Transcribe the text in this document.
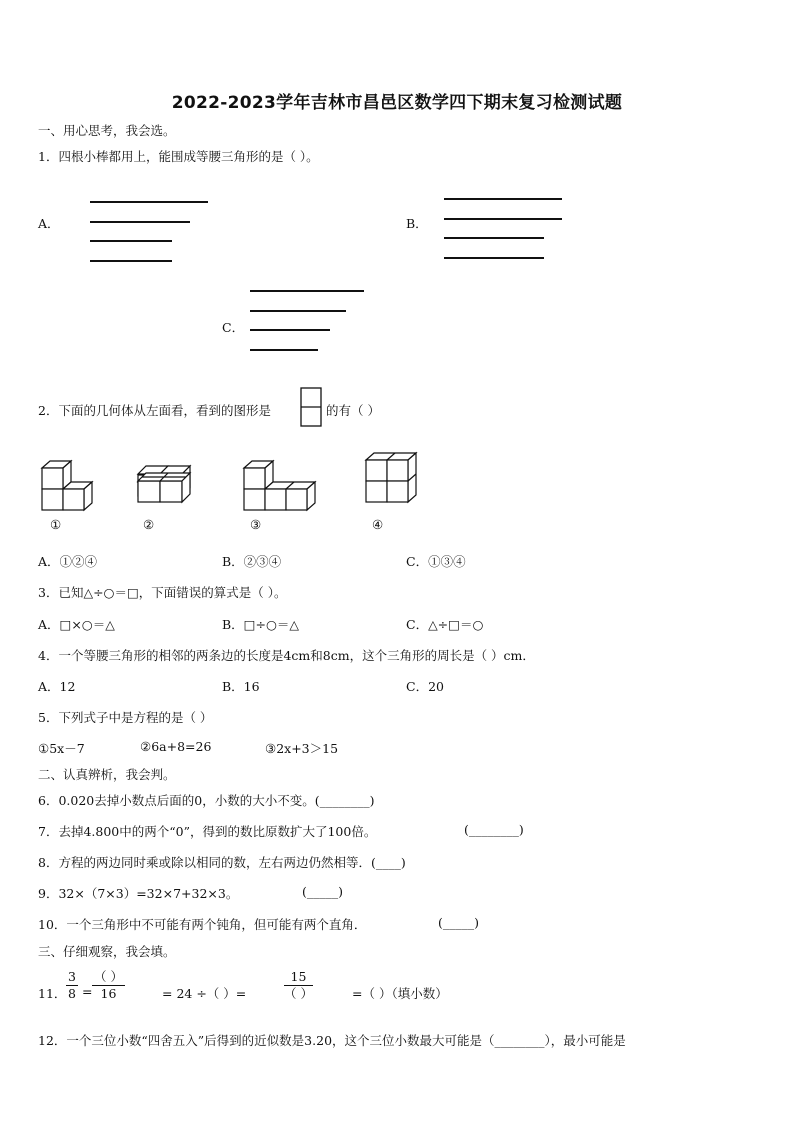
2022-2023学年吉林市昌邑区数学四下期末复习检测试题
一、用心思考，我会选。
1．四根小棒都用上，能围成等腰三角形的是（ ）。
A．	B．
C．
2．下面的几何体从左面看，看到的图形是	的有（ ）
①	②	③	④
A．①②④	B．②③④	C．①③④
3．已知△÷○＝□，下面错误的算式是（ ）。
A．□×○＝△	B．□÷○＝△	C．△÷□＝○
4．一个等腰三角形的相邻的两条边的长度是4cm和8cm，这个三角形的周长是（ ）cm．
A．12	B．16	C．20
5．下列式子中是方程的是（ ）
①5x－7	②6a+8=26	③2x+3＞15
二、认真辨析，我会判。
6．0.020去掉小数点后面的0，小数的大小不变。(________)
7．去掉4.800中的两个“0”，得到的数比原数扩大了100倍。	(________)
8．方程的两边同时乘或除以相同的数，左右两边仍然相等．(____)
9．32×（7×3）=32×7+32×3。	(_____)
10．一个三角形中不可能有两个钝角，但可能有两个直角．	(_____)
三、仔细观察，我会填。
11． $\frac{3}{8}$ =
（ ）
16	= 24 ÷（ ）=
15
（ ）	=（ ）（填小数）
12．一个三位小数“四舍五入”后得到的近似数是3.20，这个三位小数最大可能是（________），最小可能是
